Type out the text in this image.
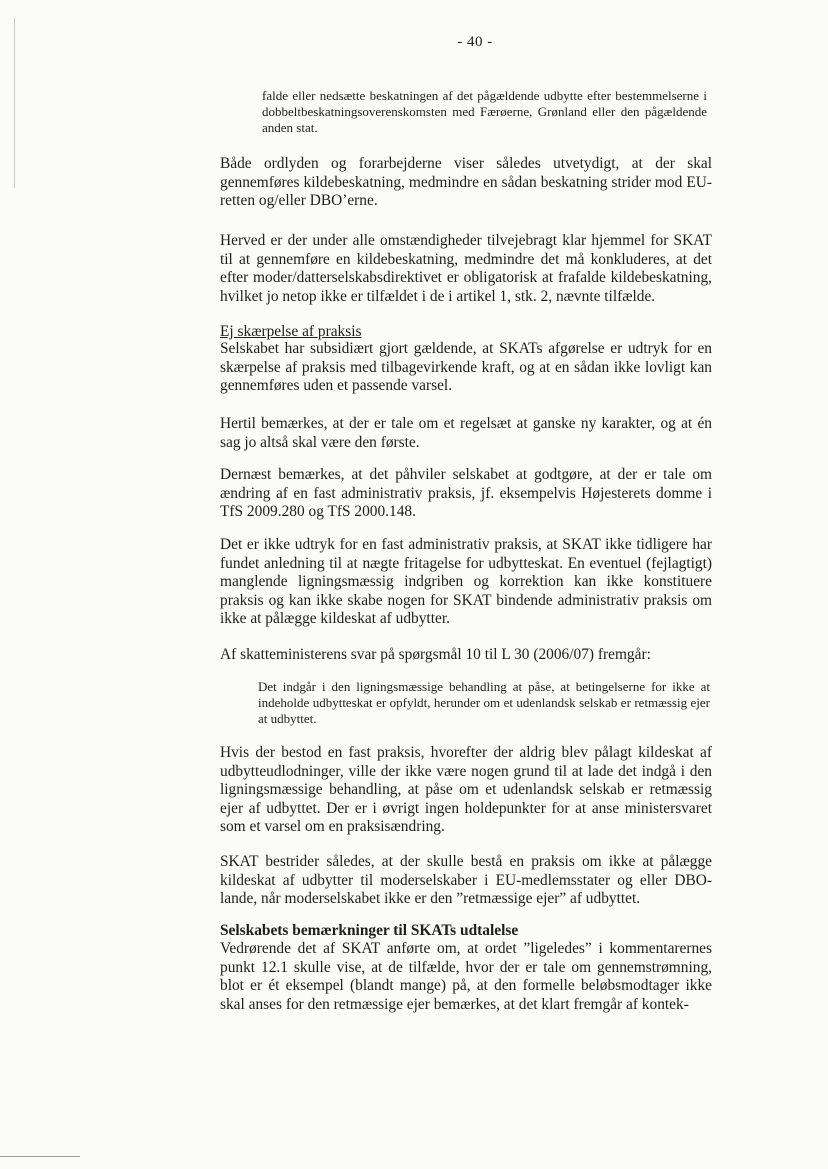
- 40 -

falde eller nedsætte beskatningen af det pågældende udbytte efter bestemmelserne i dobbeltbeskatningsoverenskomsten med Færøerne, Grønland eller den pågældende anden stat.

Både ordlyden og forarbejderne viser således utvetydigt, at der skal gennemføres kildebeskatning, medmindre en sådan beskatning strider mod EU-retten og/eller DBO’erne.

Herved er der under alle omstændigheder tilvejebragt klar hjemmel for SKAT til at gennemføre en kildebeskatning, medmindre det må konkluderes, at det efter moder/datterselskabsdirektivet er obligatorisk at frafalde kildebeskatning, hvilket jo netop ikke er tilfældet i de i artikel 1, stk. 2, nævnte tilfælde.

Ej skærpelse af praksis

Selskabet har subsidiært gjort gældende, at SKATs afgørelse er udtryk for en skærpelse af praksis med tilbagevirkende kraft, og at en sådan ikke lovligt kan gennemføres uden et passende varsel.

Hertil bemærkes, at der er tale om et regelsæt at ganske ny karakter, og at én sag jo altså skal være den første.

Dernæst bemærkes, at det påhviler selskabet at godtgøre, at der er tale om ændring af en fast administrativ praksis, jf. eksempelvis Højesterets domme i TfS 2009.280 og TfS 2000.148.

Det er ikke udtryk for en fast administrativ praksis, at SKAT ikke tidligere har fundet anledning til at nægte fritagelse for udbytteskat. En eventuel (fejlagtigt) manglende ligningsmæssig indgriben og korrektion kan ikke konstituere praksis og kan ikke skabe nogen for SKAT bindende administrativ praksis om ikke at pålægge kildeskat af udbytter.

Af skatteministerens svar på spørgsmål 10 til L 30 (2006/07) fremgår:

Det indgår i den ligningsmæssige behandling at påse, at betingelserne for ikke at indeholde udbytteskat er opfyldt, herunder om et udenlandsk selskab er retmæssig ejer at udbyttet.

Hvis der bestod en fast praksis, hvorefter der aldrig blev pålagt kildeskat af udbytteudlodninger, ville der ikke være nogen grund til at lade det indgå i den ligningsmæssige behandling, at påse om et udenlandsk selskab er retmæssig ejer af udbyttet. Der er i øvrigt ingen holdepunkter for at anse ministersvaret som et varsel om en praksisændring.

SKAT bestrider således, at der skulle bestå en praksis om ikke at pålægge kildeskat af udbytter til moderselskaber i EU-medlemsstater og eller DBO-lande, når moderselskabet ikke er den ”retmæssige ejer” af udbyttet.

Selskabets bemærkninger til SKATs udtalelse

Vedrørende det af SKAT anførte om, at ordet ”ligeledes” i kommentarernes punkt 12.1 skulle vise, at de tilfælde, hvor der er tale om gennemstrømning, blot er ét eksempel (blandt mange) på, at den formelle beløbsmodtager ikke skal anses for den retmæssige ejer bemærkes, at det klart fremgår af kontek-
